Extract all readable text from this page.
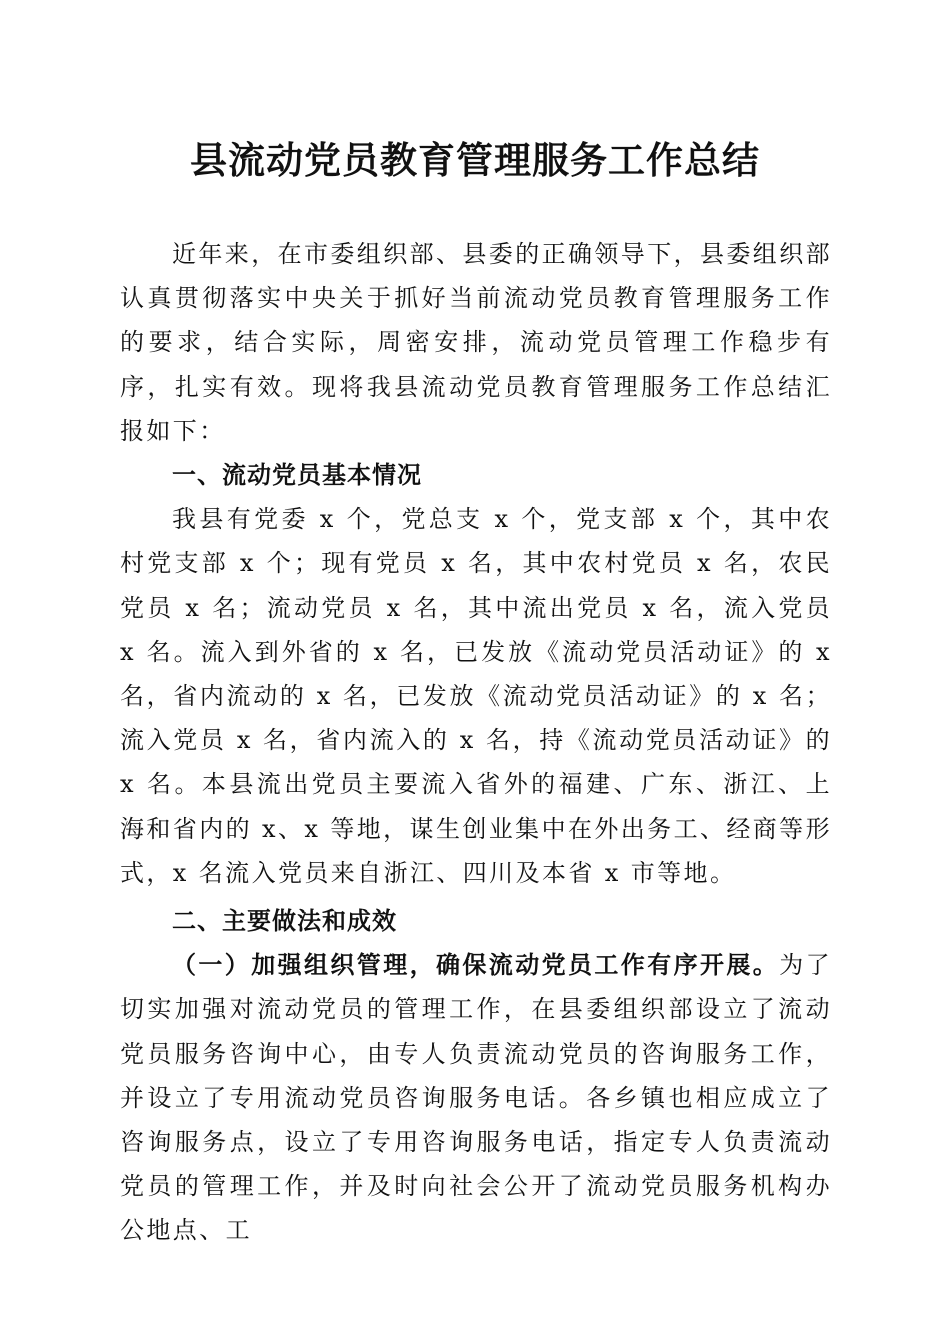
县流动党员教育管理服务工作总结

近年来，在市委组织部、县委的正确领导下，县委组织部认真贯彻落实中央关于抓好当前流动党员教育管理服务工作的要求，结合实际，周密安排，流动党员管理工作稳步有序，扎实有效。现将我县流动党员教育管理服务工作总结汇报如下：

一、流动党员基本情况

我县有党委 x 个，党总支 x 个，党支部 x 个，其中农村党支部 x 个；现有党员 x 名，其中农村党员 x 名，农民党员 x 名；流动党员 x 名，其中流出党员 x 名，流入党员 x 名。流入到外省的 x 名，已发放《流动党员活动证》的 x 名，省内流动的 x 名，已发放《流动党员活动证》的 x 名；流入党员 x 名，省内流入的 x 名，持《流动党员活动证》的 x 名。本县流出党员主要流入省外的福建、广东、浙江、上海和省内的 x、x 等地，谋生创业集中在外出务工、经商等形式，x 名流入党员来自浙江、四川及本省 x 市等地。

二、主要做法和成效

（一）加强组织管理，确保流动党员工作有序开展。为了切实加强对流动党员的管理工作，在县委组织部设立了流动党员服务咨询中心，由专人负责流动党员的咨询服务工作，并设立了专用流动党员咨询服务电话。各乡镇也相应成立了咨询服务点，设立了专用咨询服务电话，指定专人负责流动党员的管理工作，并及时向社会公开了流动党员服务机构办公地点、工
